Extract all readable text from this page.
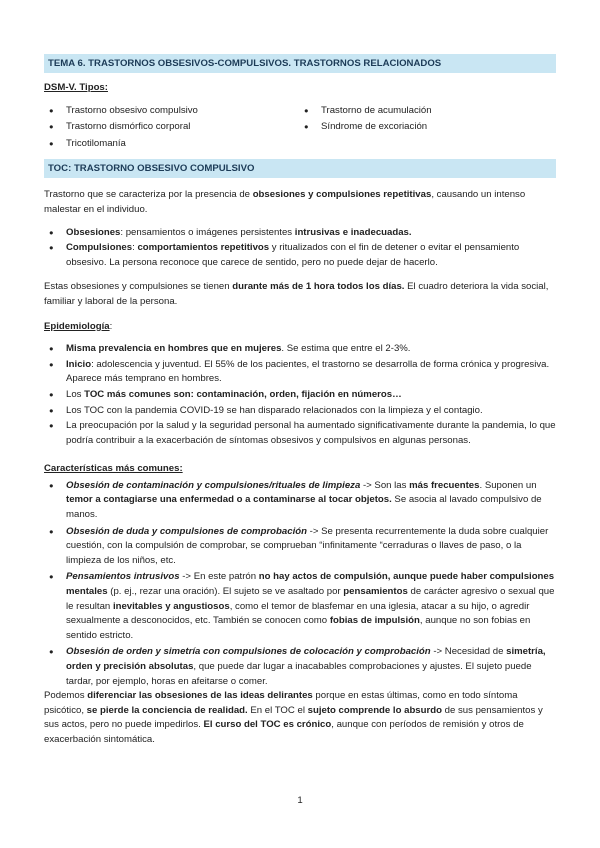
TEMA 6. TRASTORNOS OBSESIVOS-COMPULSIVOS. TRASTORNOS RELACIONADOS
DSM-V. Tipos:
● Trastorno obsesivo compulsivo
● Trastorno dismórfico corporal
● Tricotilomanía
● Trastorno de acumulación
● Síndrome de excoriación
TOC: TRASTORNO OBSESIVO COMPULSIVO

Trastorno que se caracteriza por la presencia de obsesiones y compulsiones repetitivas, causando un intenso malestar en el individuo.

● Obsesiones: pensamientos o imágenes persistentes intrusivas e inadecuadas.
● Compulsiones: comportamientos repetitivos y ritualizados con el fin de detener o evitar el pensamiento obsesivo. La persona reconoce que carece de sentido, pero no puede dejar de hacerlo.

Estas obsesiones y compulsiones se tienen durante más de 1 hora todos los días. El cuadro deteriora la vida social, familiar y laboral de la persona.

Epidemiología:
● Misma prevalencia en hombres que en mujeres. Se estima que entre el 2-3%.
● Inicio: adolescencia y juventud. El 55% de los pacientes, el trastorno se desarrolla de forma crónica y progresiva. Aparece más temprano en hombres.
● Los TOC más comunes son: contaminación, orden, fijación en números…
● Los TOC con la pandemia COVID-19 se han disparado relacionados con la limpieza y el contagio.
● La preocupación por la salud y la seguridad personal ha aumentado significativamente durante la pandemia, lo que podría contribuir a la exacerbación de síntomas obsesivos y compulsivos en algunas personas.
Características más comunes:
● Obsesión de contaminación y compulsiones/rituales de limpieza -> Son las más frecuentes. Suponen un temor a contagiarse una enfermedad o a contaminarse al tocar objetos. Se asocia al lavado compulsivo de manos.
● Obsesión de duda y compulsiones de comprobación -> Se presenta recurrentemente la duda sobre cualquier cuestión, con la compulsión de comprobar, se comprueban “infinitamente “cerraduras o llaves de paso, o la limpieza de los niños, etc.
● Pensamientos intrusivos -> En este patrón no hay actos de compulsión, aunque puede haber compulsiones mentales (p. ej., rezar una oración). El sujeto se ve asaltado por pensamientos de carácter agresivo o sexual que le resultan inevitables y angustiosos, como el temor de blasfemar en una iglesia, atacar a su hijo, o agredir sexualmente a desconocidos, etc. También se conocen como fobias de impulsión, aunque no son fobias en sentido estricto.
● Obsesión de orden y simetría con compulsiones de colocación y comprobación -> Necesidad de simetría, orden y precisión absolutas, que puede dar lugar a inacabables comprobaciones y ajustes. El sujeto puede tardar, por ejemplo, horas en afeitarse o comer.

Podemos diferenciar las obsesiones de las ideas delirantes porque en estas últimas, como en todo síntoma psicótico, se pierde la conciencia de realidad. En el TOC el sujeto comprende lo absurdo de sus pensamientos y sus actos, pero no puede impedirlos. El curso del TOC es crónico, aunque con períodos de remisión y otros de exacerbación sintomática.

1
